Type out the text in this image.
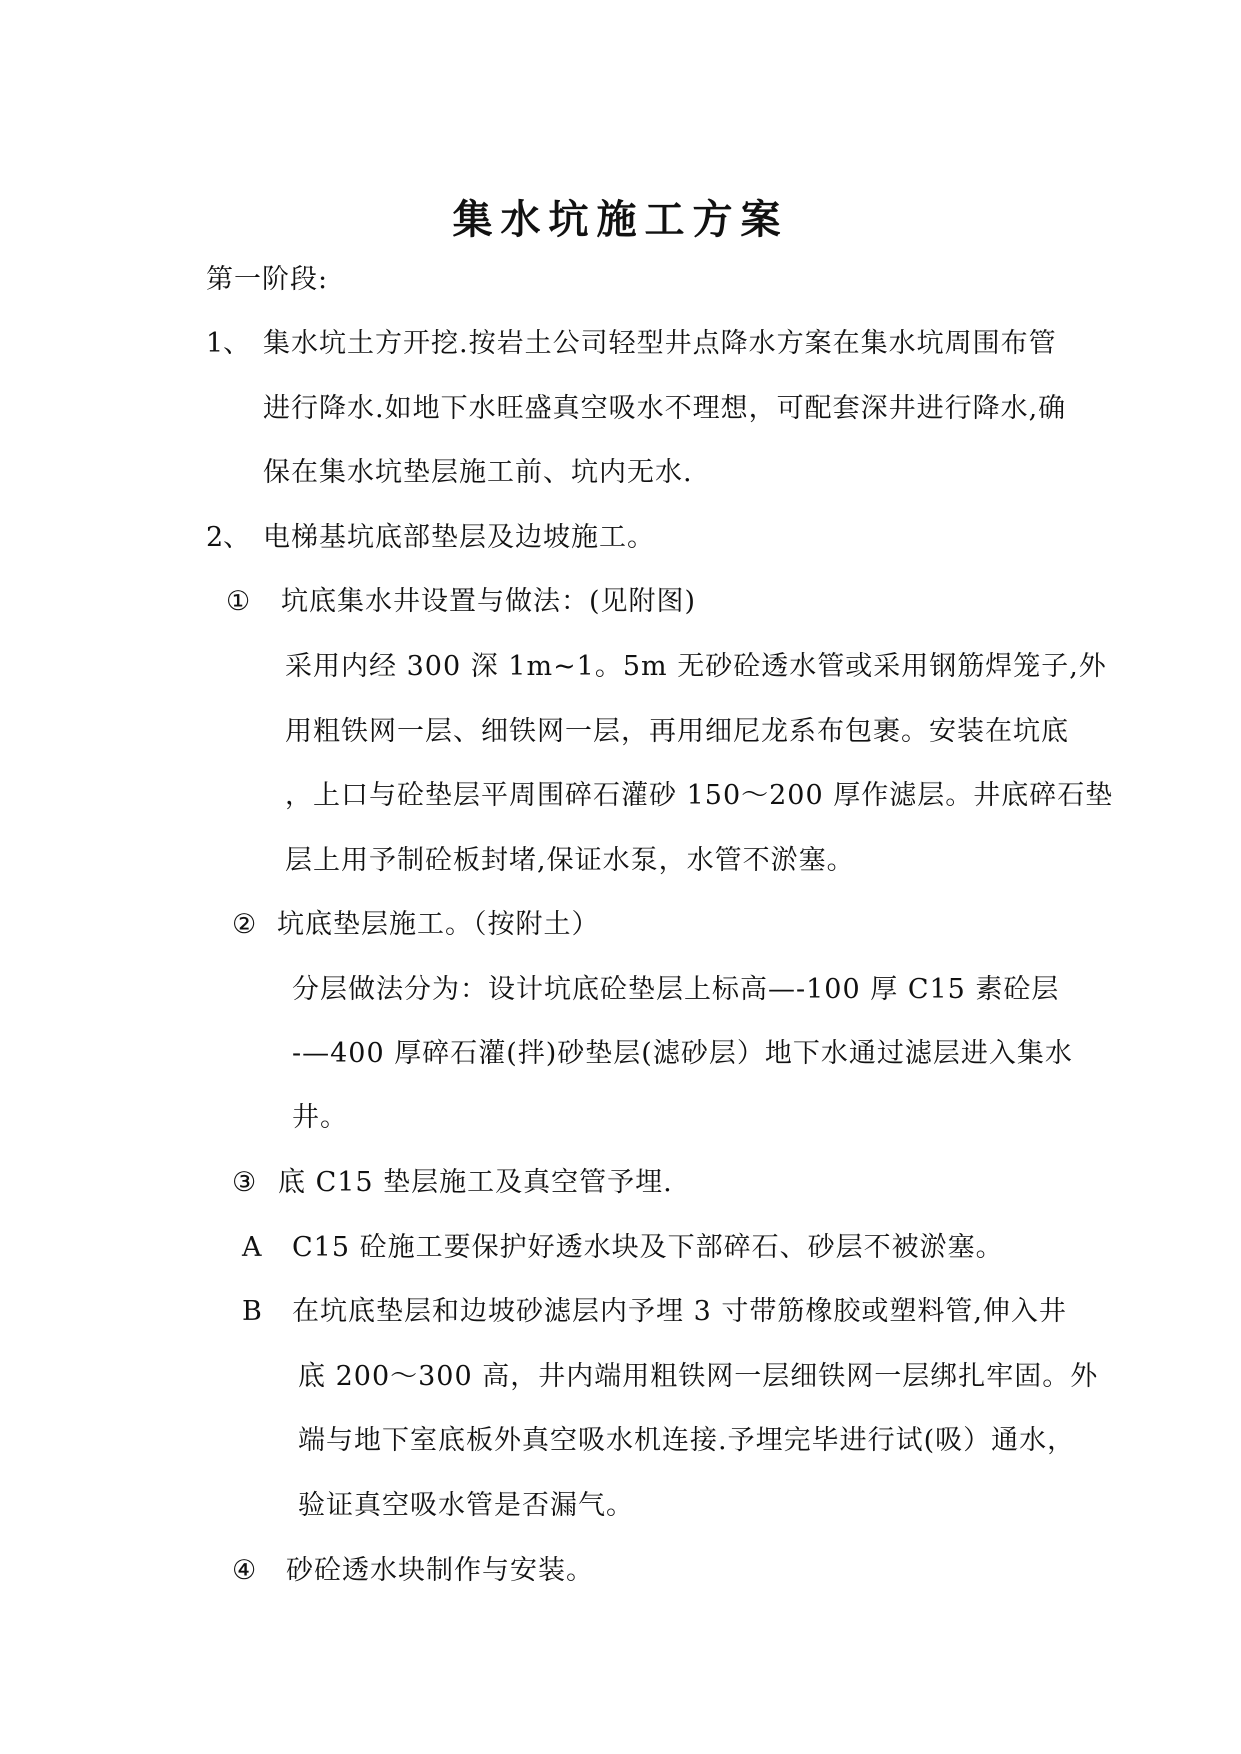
集水坑施工方案
第一阶段:
1、 集水坑土方开挖.按岩土公司轻型井点降水方案在集水坑周围布管
进行降水.如地下水旺盛真空吸水不理想，可配套深井进行降水,确
保在集水坑垫层施工前、坑内无水.
2、 电梯基坑底部垫层及边坡施工。
① 坑底集水井设置与做法：(见附图)
采用内经 300 深 1m~1。5m 无砂砼透水管或采用钢筋焊笼子,外
用粗铁网一层、细铁网一层，再用细尼龙系布包裹。安装在坑底
，上口与砼垫层平周围碎石灌砂 150～200 厚作滤层。井底碎石垫
层上用予制砼板封堵,保证水泵，水管不淤塞。
② 坑底垫层施工。（按附土）
分层做法分为：设计坑底砼垫层上标高—-100 厚 C15 素砼层
-—400 厚碎石灌(拌)砂垫层(滤砂层）地下水通过滤层进入集水
井。
③ 底 C15 垫层施工及真空管予埋.
A C15 砼施工要保护好透水块及下部碎石、砂层不被淤塞。
B 在坑底垫层和边坡砂滤层内予埋 3 寸带筋橡胶或塑料管,伸入井
底 200～300 高，井内端用粗铁网一层细铁网一层绑扎牢固。外
端与地下室底板外真空吸水机连接.予埋完毕进行试(吸）通水，
验证真空吸水管是否漏气。
④ 砂砼透水块制作与安装。
